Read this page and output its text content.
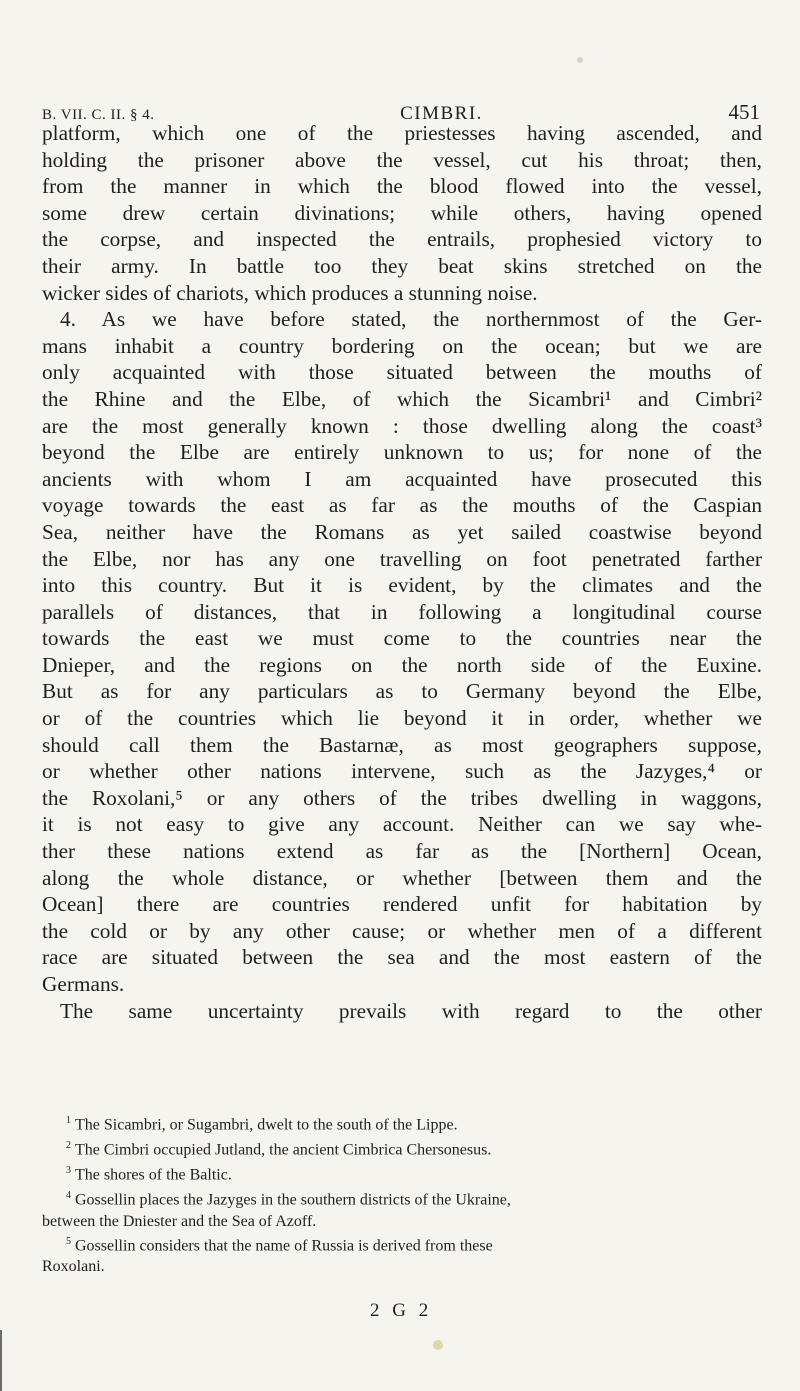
B. VII. C. II. § 4.	CIMBRI.	451
platform, which one of the priestesses having ascended, and
holding the prisoner above the vessel, cut his throat; then,
from the manner in which the blood flowed into the vessel,
some drew certain divinations; while others, having opened
the corpse, and inspected the entrails, prophesied victory to
their army. In battle too they beat skins stretched on the
wicker sides of chariots, which produces a stunning noise.
4. As we have before stated, the northernmost of the Ger-
mans inhabit a country bordering on the ocean; but we are
only acquainted with those situated between the mouths of
the Rhine and the Elbe, of which the Sicambri¹ and Cimbri²
are the most generally known : those dwelling along the coast³
beyond the Elbe are entirely unknown to us; for none of the
ancients with whom I am acquainted have prosecuted this
voyage towards the east as far as the mouths of the Caspian
Sea, neither have the Romans as yet sailed coastwise beyond
the Elbe, nor has any one travelling on foot penetrated farther
into this country. But it is evident, by the climates and the
parallels of distances, that in following a longitudinal course
towards the east we must come to the countries near the
Dnieper, and the regions on the north side of the Euxine.
But as for any particulars as to Germany beyond the Elbe,
or of the countries which lie beyond it in order, whether we
should call them the Bastarnæ, as most geographers suppose,
or whether other nations intervene, such as the Jazyges,⁴ or
the Roxolani,⁵ or any others of the tribes dwelling in waggons,
it is not easy to give any account. Neither can we say whe-
ther these nations extend as far as the [Northern] Ocean,
along the whole distance, or whether [between them and the
Ocean] there are countries rendered unfit for habitation by
the cold or by any other cause; or whether men of a different
race are situated between the sea and the most eastern of the
Germans.
The same uncertainty prevails with regard to the other
$^1$ The Sicambri, or Sugambri, dwelt to the south of the Lippe.
$^2$ The Cimbri occupied Jutland, the ancient Cimbrica Chersonesus.
$^3$ The shores of the Baltic.
$^4$ Gossellin places the Jazyges in the southern districts of the Ukraine,
between the Dniester and the Sea of Azoff.
$^5$ Gossellin considers that the name of Russia is derived from these
Roxolani.
2 G 2
